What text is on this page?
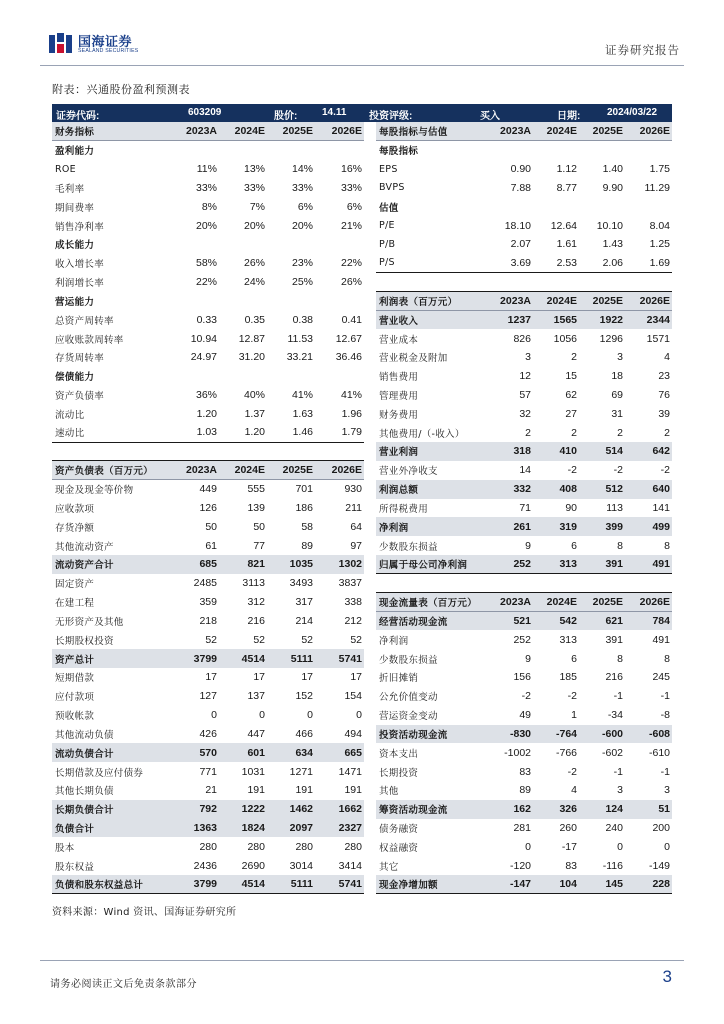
国海证券
SEALAND SECURITIES	证券研究报告
附表：兴通股份盈利预测表
证券代码:	603209	股价: 14.11 投资评级:	买入	日期:	2024/03/22
财务指标	2023A	2024E	2025E	2026E		每股指标与估值	2023A	2024E	2025E	2026E
盈利能力						每股指标				
ROE	11%	13%	14%	16%		EPS	0.90	1.12	1.40	1.75
毛利率	33%	33%	33%	33%		BVPS	7.88	8.77	9.90	11.29
期间费率	8%	7%	6%	6%		估值				
销售净利率	20%	20%	20%	21%		P/E	18.10	12.64	10.10	8.04
成长能力						P/B	2.07	1.61	1.43	1.25
收入增长率	58%	26%	23%	22%		P/S	3.69	2.53	2.06	1.69
利润增长率	22%	24%	25%	26%						
营运能力						利润表（百万元）	2023A	2024E	2025E	2026E
总资产周转率	0.33	0.35	0.38	0.41		营业收入	1237	1565	1922	2344
应收账款周转率	10.94	12.87	11.53	12.67		营业成本	826	1056	1296	1571
存货周转率	24.97	31.20	33.21	36.46		营业税金及附加	3	2	3	4
偿债能力						销售费用	12	15	18	23
资产负债率	36%	40%	41%	41%		管理费用	57	62	69	76
流动比	1.20	1.37	1.63	1.96		财务费用	32	27	31	39
速动比	1.03	1.20	1.46	1.79		其他费用/（-收入）	2	2	2	2
						营业利润	318	410	514	642
资产负债表（百万元）	2023A	2024E	2025E	2026E		营业外净收支	14	-2	-2	-2
现金及现金等价物	449	555	701	930		利润总额	332	408	512	640
应收款项	126	139	186	211		所得税费用	71	90	113	141
存货净额	50	50	58	64		净利润	261	319	399	499
其他流动资产	61	77	89	97		少数股东损益	9	6	8	8
流动资产合计	685	821	1035	1302		归属于母公司净利润	252	313	391	491
固定资产	2485	3113	3493	3837						
在建工程	359	312	317	338		现金流量表（百万元）	2023A	2024E	2025E	2026E
无形资产及其他	218	216	214	212		经营活动现金流	521	542	621	784
长期股权投资	52	52	52	52		净利润	252	313	391	491
资产总计	3799	4514	5111	5741		少数股东损益	9	6	8	8
短期借款	17	17	17	17		折旧摊销	156	185	216	245
应付款项	127	137	152	154		公允价值变动	-2	-2	-1	-1
预收帐款	0	0	0	0		营运资金变动	49	1	-34	-8
其他流动负债	426	447	466	494		投资活动现金流	-830	-764	-600	-608
流动负债合计	570	601	634	665		资本支出	-1002	-766	-602	-610
长期借款及应付债券	771	1031	1271	1471		长期投资	83	-2	-1	-1
其他长期负债	21	191	191	191		其他	89	4	3	3
长期负债合计	792	1222	1462	1662		筹资活动现金流	162	326	124	51
负债合计	1363	1824	2097	2327		债务融资	281	260	240	200
股本	280	280	280	280		权益融资	0	-17	0	0
股东权益	2436	2690	3014	3414		其它	-120	83	-116	-149
负债和股东权益总计	3799	4514	5111	5741		现金净增加额	-147	104	145	228
资料来源：Wind 资讯、国海证券研究所
请务必阅读正文后免责条款部分	3
